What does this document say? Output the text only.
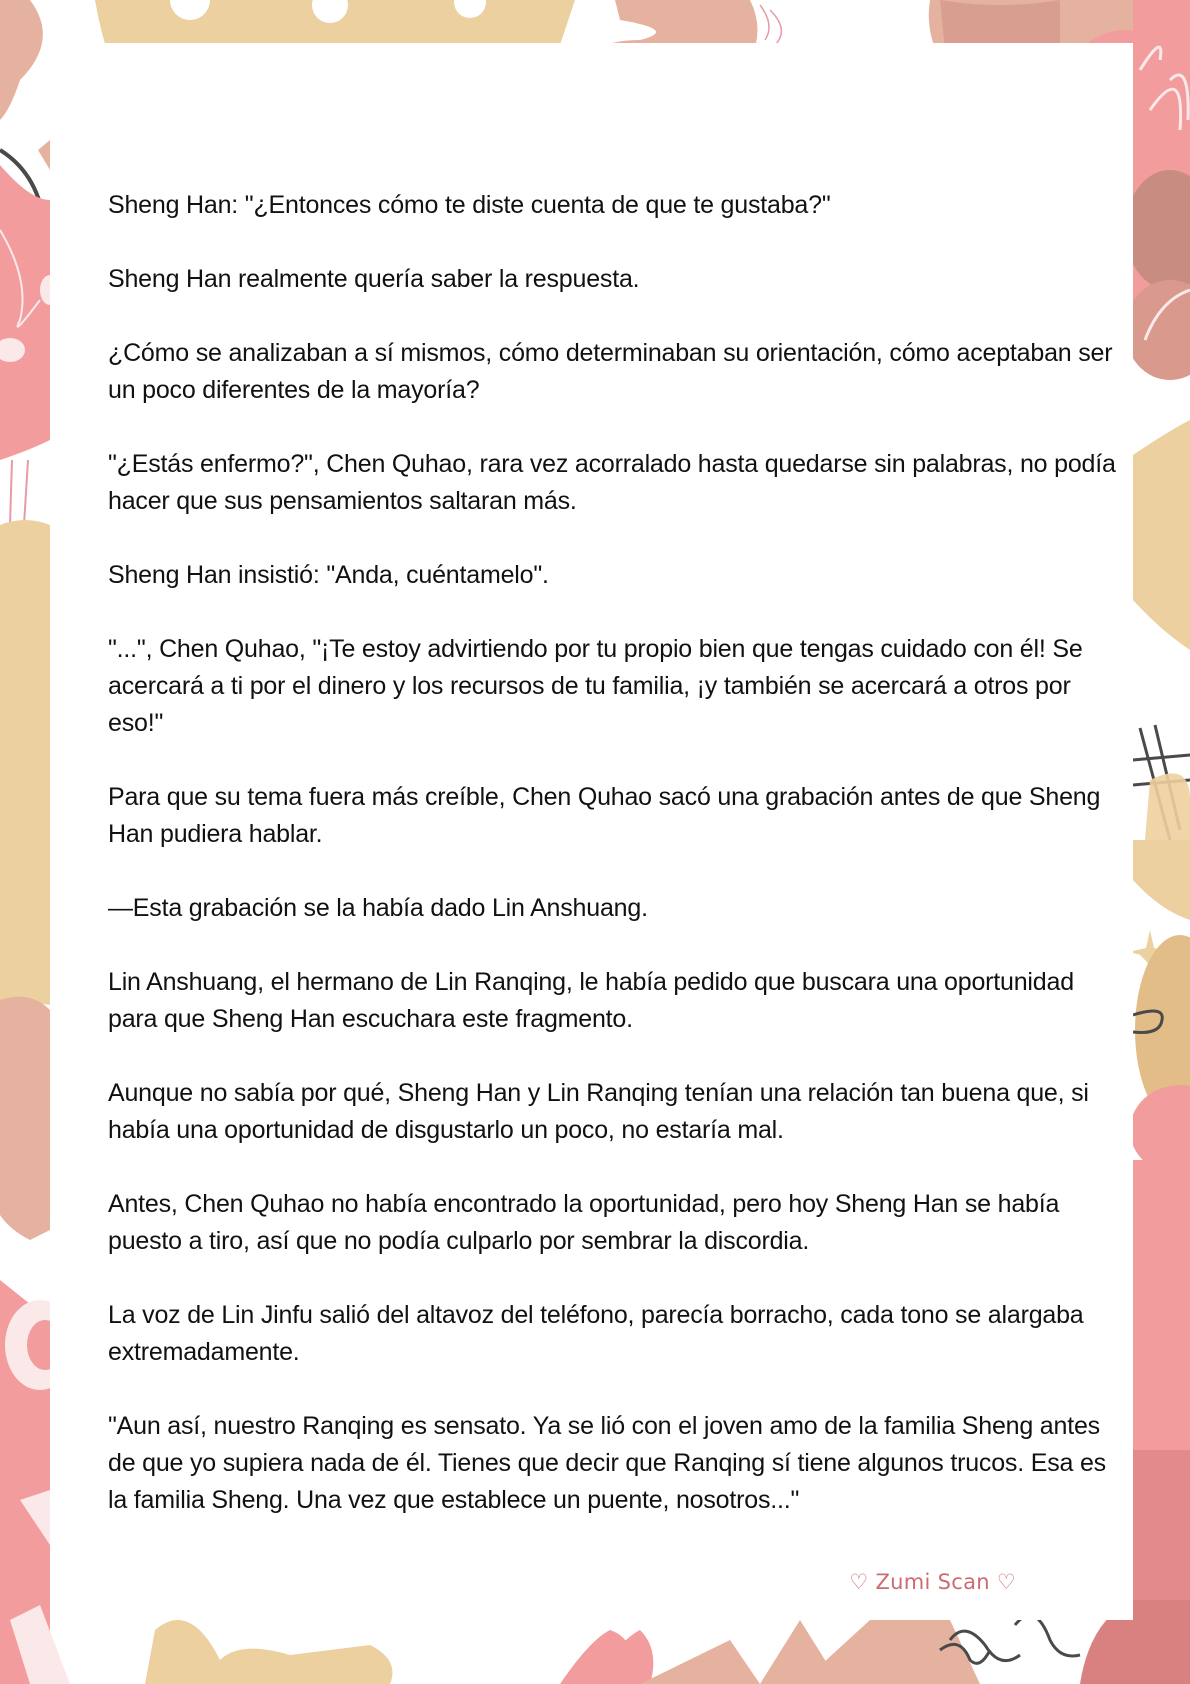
Sheng Han: "¿Entonces cómo te diste cuenta de que te gustaba?"

Sheng Han realmente quería saber la respuesta.

¿Cómo se analizaban a sí mismos, cómo determinaban su orientación, cómo aceptaban ser un poco diferentes de la mayoría?

"¿Estás enfermo?", Chen Quhao, rara vez acorralado hasta quedarse sin palabras, no podía hacer que sus pensamientos saltaran más.

Sheng Han insistió: "Anda, cuéntamelo".

"...", Chen Quhao, "¡Te estoy advirtiendo por tu propio bien que tengas cuidado con él! Se acercará a ti por el dinero y los recursos de tu familia, ¡y también se acercará a otros por eso!"

Para que su tema fuera más creíble, Chen Quhao sacó una grabación antes de que Sheng Han pudiera hablar.

—Esta grabación se la había dado Lin Anshuang.

Lin Anshuang, el hermano de Lin Ranqing, le había pedido que buscara una oportunidad para que Sheng Han escuchara este fragmento.

Aunque no sabía por qué, Sheng Han y Lin Ranqing tenían una relación tan buena que, si había una oportunidad de disgustarlo un poco, no estaría mal.

Antes, Chen Quhao no había encontrado la oportunidad, pero hoy Sheng Han se había puesto a tiro, así que no podía culparlo por sembrar la discordia.

La voz de Lin Jinfu salió del altavoz del teléfono, parecía borracho, cada tono se alargaba extremadamente.

"Aun así, nuestro Ranqing es sensato. Ya se lió con el joven amo de la familia Sheng antes de que yo supiera nada de él. Tienes que decir que Ranqing sí tiene algunos trucos. Esa es la familia Sheng. Una vez que establece un puente, nosotros..."

♡ Zumi Scan ♡
